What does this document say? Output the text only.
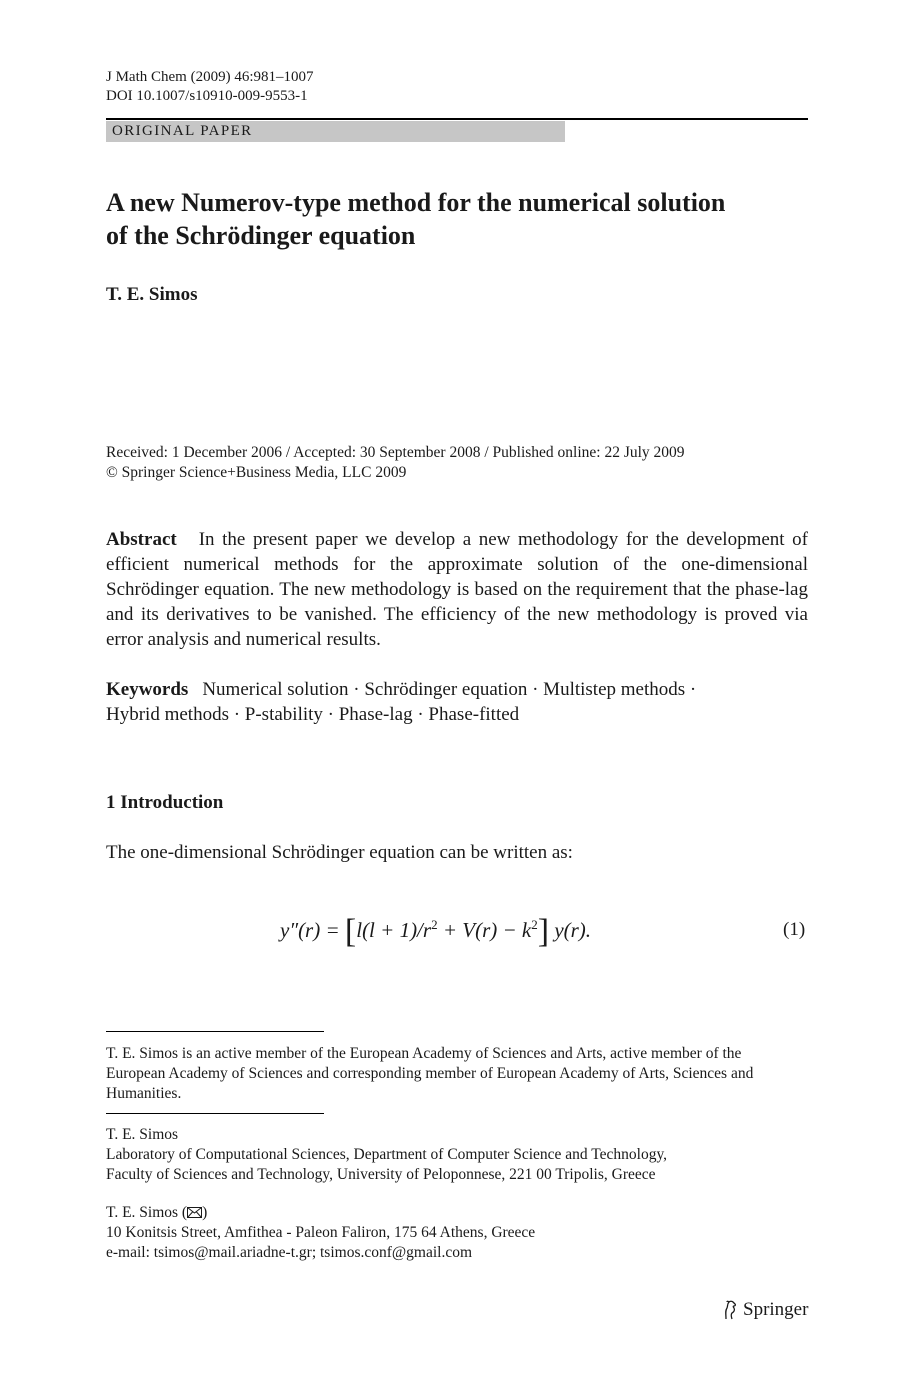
J Math Chem (2009) 46:981–1007
DOI 10.1007/s10910-009-9553-1
ORIGINAL PAPER
A new Numerov-type method for the numerical solution
of the Schrödinger equation
T. E. Simos
Received: 1 December 2006 / Accepted: 30 September 2008 / Published online: 22 July 2009
© Springer Science+Business Media, LLC 2009
Abstract In the present paper we develop a new methodology for the development of efficient numerical methods for the approximate solution of the one-dimensional Schrödinger equation. The new methodology is based on the requirement that the phase-lag and its derivatives to be vanished. The efficiency of the new methodology is proved via error analysis and numerical results.
Keywords Numerical solution · Schrödinger equation · Multistep methods ·
Hybrid methods · P-stability · Phase-lag · Phase-fitted
1 Introduction
The one-dimensional Schrödinger equation can be written as:
$y''(r) = [l(l + 1)/r^2 + V(r) - k^2]$ y(r).	(1)
T. E. Simos is an active member of the European Academy of Sciences and Arts, active member of the European Academy of Sciences and corresponding member of European Academy of Arts, Sciences and Humanities.
T. E. Simos
Laboratory of Computational Sciences, Department of Computer Science and Technology,
Faculty of Sciences and Technology, University of Peloponnese, 221 00 Tripolis, Greece
T. E. Simos ( )
10 Konitsis Street, Amfithea - Paleon Faliron, 175 64 Athens, Greece
e-mail: tsimos@mail.ariadne-t.gr; tsimos.conf@gmail.com
Springer
